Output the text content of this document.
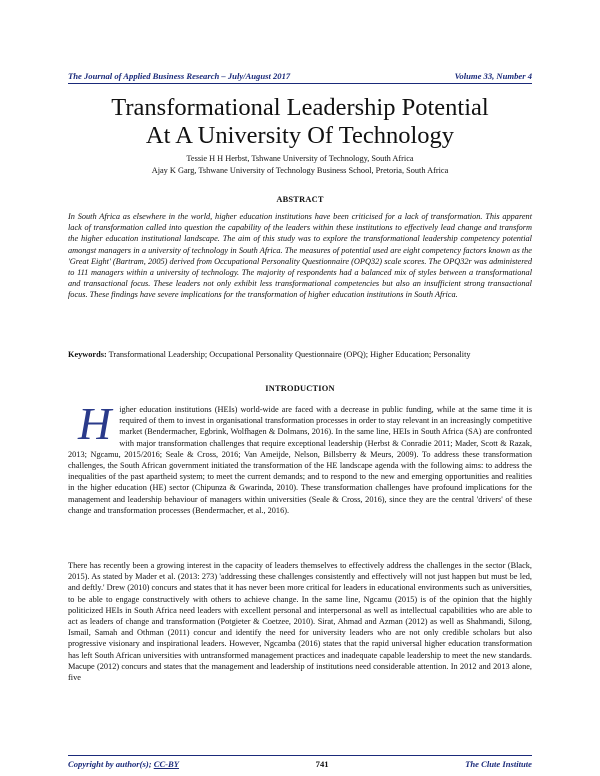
The Journal of Applied Business Research – July/August 2017	Volume 33, Number 4
Transformational Leadership Potential
At A University Of Technology
Tessie H H Herbst, Tshwane University of Technology, South Africa
Ajay K Garg, Tshwane University of Technology Business School, Pretoria, South Africa
ABSTRACT
In South Africa as elsewhere in the world, higher education institutions have been criticised for a lack of transformation. This apparent lack of transformation called into question the capability of the leaders within these institutions to effectively lead change and transform the higher education institutional landscape. The aim of this study was to explore the transformational leadership competency potential amongst managers in a university of technology in South Africa. The measures of potential used are eight competency factors known as the 'Great Eight' (Bartram, 2005) derived from Occupational Personality Questionnaire (OPQ32) scale scores. The OPQ32r was administered to 111 managers within a university of technology. The majority of respondents had a balanced mix of styles between a transformational and transactional focus. These leaders not only exhibit less transformational competencies but also an insufficient strong transactional focus. These findings have severe implications for the transformation of higher education institutions in South Africa.
Keywords: Transformational Leadership; Occupational Personality Questionnaire (OPQ); Higher Education; Personality
INTRODUCTION
H igher education institutions (HEIs) world-wide are faced with a decrease in public funding, while at the same time it is required of them to invest in organisational transformation processes in order to stay relevant in an increasingly competitive market (Bendermacher, Egbrink, Wolfhagen & Dolmans, 2016). In the same line, HEIs in South Africa (SA) are confronted with major transformation challenges that require exceptional leadership (Herbst & Conradie 2011; Mader, Scott & Razak, 2013; Ngcamu, 2015/2016; Seale & Cross, 2016; Van Ameijde, Nelson, Billsberry & Meurs, 2009). To address these transformation challenges, the South African government initiated the transformation of the HE landscape agenda with the following aims: to address the inequalities of the past apartheid system; to meet the current demands; and to respond to the new and emerging opportunities and realities in the higher education (HE) sector (Chipunza & Gwarinda, 2010). These transformation challenges have profound implications for the management and leadership behaviour of managers within universities (Seale & Cross, 2016), since they are the central 'drivers' of these change and transformation processes (Bendermacher, et al., 2016).
There has recently been a growing interest in the capacity of leaders themselves to effectively address the challenges in the sector (Black, 2015). As stated by Mader et al. (2013: 273) 'addressing these challenges consistently and effectively will not just happen but must be led, and deftly.' Drew (2010) concurs and states that it has never been more critical for leaders in educational environments such as universities, to be able to engage constructively with others to achieve change. In the same line, Ngcamu (2015) is of the opinion that the highly politicized HEIs in South Africa need leaders with excellent personal and interpersonal as well as intellectual capabilities who are able to act as leaders of change and transformation (Potgieter & Coetzee, 2010). Sirat, Ahmad and Azman (2012) as well as Shahmandi, Silong, Ismail, Samah and Othman (2011) concur and identify the need for university leaders who are not only credible scholars but also progressive visionary and inspirational leaders. However, Ngcamba (2016) states that the rapid universal higher education transformation has left South African universities with untransformed management practices and inadequate capable leadership to meet the new standards. Macupe (2012) concurs and states that the management and leadership of institutions need considerable attention. In 2012 and 2013 alone, five
Copyright by author(s); CC-BY	741	The Clute Institute
